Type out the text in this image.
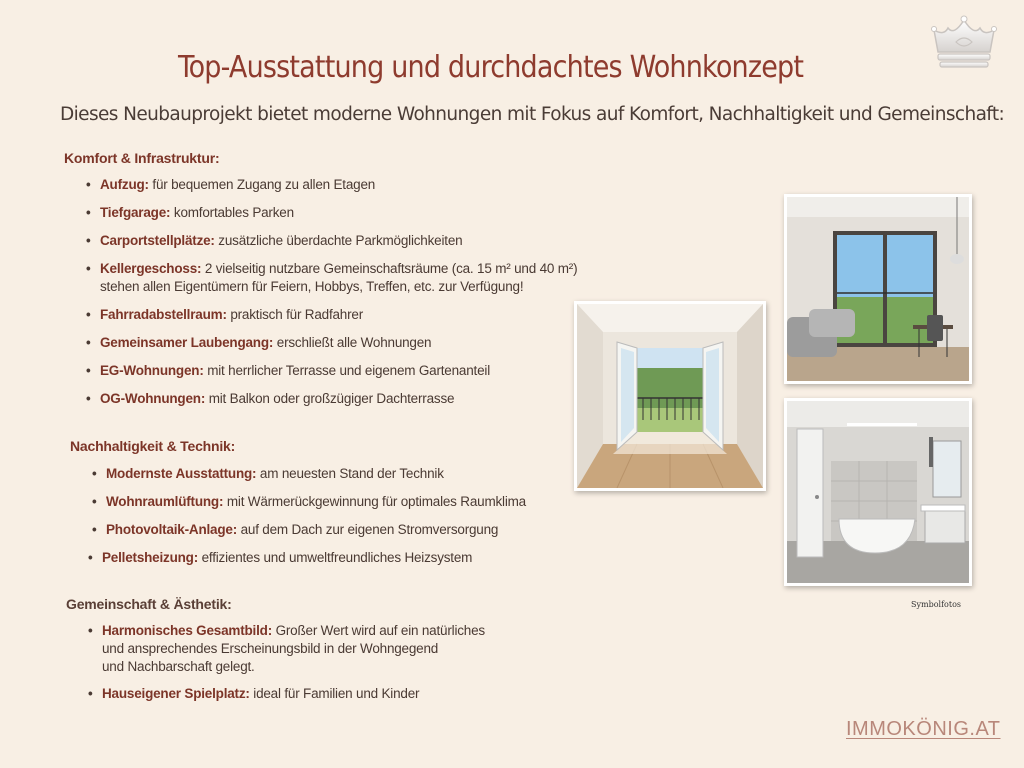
Top-Ausstattung und durchdachtes Wohnkonzept
Dieses Neubauprojekt bietet moderne Wohnungen mit Fokus auf Komfort, Nachhaltigkeit und Gemeinschaft:
Komfort & Infrastruktur:
• Aufzug: für bequemen Zugang zu allen Etagen
• Tiefgarage: komfortables Parken
• Carportstellplätze: zusätzliche überdachte Parkmöglichkeiten
• Kellergeschoss: 2 vielseitig nutzbare Gemeinschaftsräume (ca. 15 m² und 40 m²)
stehen allen Eigentümern für Feiern, Hobbys, Treffen, etc. zur Verfügung!
• Fahrradabstellraum: praktisch für Radfahrer
• Gemeinsamer Laubengang: erschließt alle Wohnungen
• EG-Wohnungen: mit herrlicher Terrasse und eigenem Gartenanteil
• OG-Wohnungen: mit Balkon oder großzügiger Dachterrasse
Nachhaltigkeit & Technik:
• Modernste Ausstattung: am neuesten Stand der Technik
• Wohnraumlüftung: mit Wärmerückgewinnung für optimales Raumklima
• Photovoltaik-Anlage: auf dem Dach zur eigenen Stromversorgung
• Pelletsheizung: effizientes und umweltfreundliches Heizsystem
Gemeinschaft & Ästhetik:
• Harmonisches Gesamtbild: Großer Wert wird auf ein natürliches
und ansprechendes Erscheinungsbild in der Wohngegend
und Nachbarschaft gelegt.
• Hauseigener Spielplatz: ideal für Familien und Kinder
Symbolfotos
IMMOKÖNIG.AT
